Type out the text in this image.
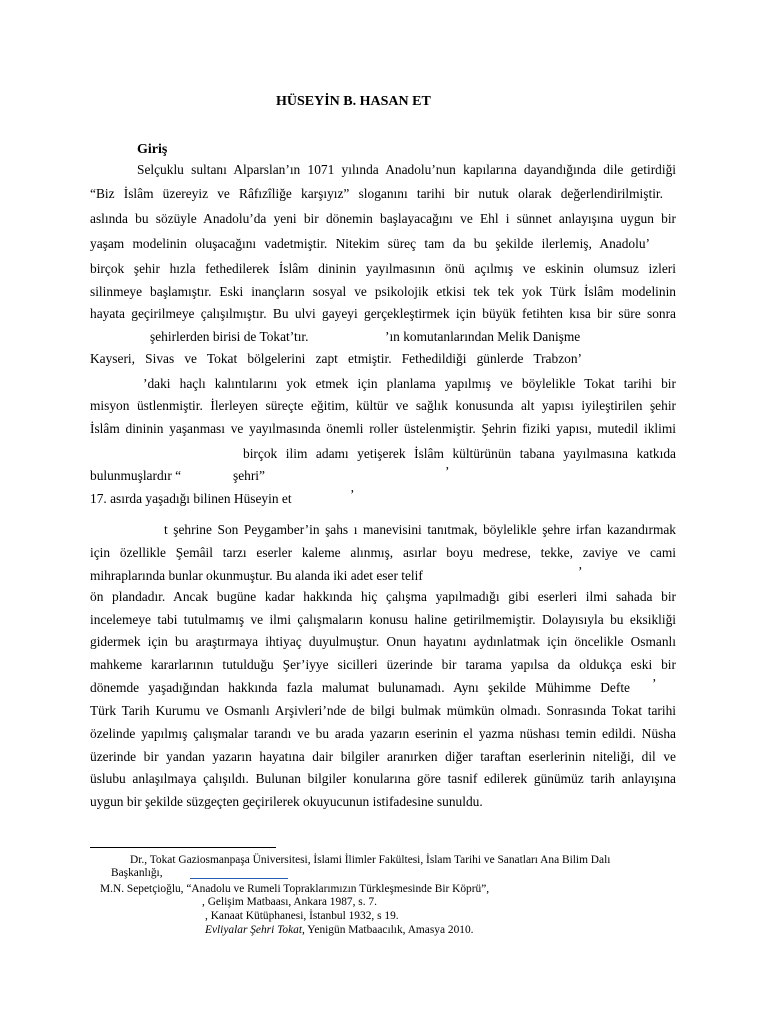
HÜSEYİN B. HASAN ET
Giriş
Selçuklu sultanı Alparslan’ın 1071 yılında Anadolu’nun kapılarına dayandığında dile getirdiği
“Biz İslâm üzereyiz ve Râfızîliğe karşıyız” sloganını tarihi bir nutuk olarak değerlendirilmiştir.
aslında bu sözüyle Anadolu’da yeni bir dönemin başlayacağını ve Ehl i sünnet anlayışına uygun bir
yaşam modelinin oluşacağını vadetmiştir. Nitekim süreç tam da bu şekilde ilerlemiş, Anadolu’
birçok şehir hızla fethedilerek İslâm dininin yayılmasının önü açılmış ve eskinin olumsuz izleri
silinmeye başlamıştır. Eski inançların sosyal ve psikolojik etkisi tek tek yok Türk İslâm modelinin
hayata geçirilmeye çalışılmıştır. Bu ulvi gayeyi gerçekleştirmek için büyük fetihten kısa bir süre sonra
şehirlerden birisi de Tokat’tır.	’ın komutanlarından Melik Danişme
Kayseri, Sivas ve Tokat bölgelerini zapt etmiştir. Fethedildiği günlerde Trabzon’
’daki haçlı kalıntılarını yok etmek için planlama yapılmış ve böylelikle Tokat tarihi bir
misyon üstlenmiştir. İlerleyen süreçte eğitim, kültür ve sağlık konusunda alt yapısı iyileştirilen şehir
İslâm dininin yaşanması ve yayılmasında önemli roller üstelenmiştir. Şehrin fiziki yapısı, mutedil iklimi
birçok ilim adamı yetişerek İslâm kültürünün tabana yayılmasına katkıda
bulunmuşlardır “	şehri”	’
17. asırda yaşadığı bilinen Hüseyin et	’
t şehrine Son Peygamber’in şahs ı manevisini tanıtmak, böylelikle şehre irfan kazandırmak
için özellikle Şemâil tarzı eserler kaleme alınmış, asırlar boyu medrese, tekke, zaviye ve cami
mihraplarında bunlar okunmuştur. Bu alanda iki adet eser telif	’
ön plandadır. Ancak bugüne kadar hakkında hiç çalışma yapılmadığı gibi eserleri ilmi sahada bir
incelemeye tabi tutulmamış ve ilmi çalışmaların konusu haline getirilmemiştir. Dolayısıyla bu eksikliği
gidermek için bu araştırmaya ihtiyaç duyulmuştur. Onun hayatını aydınlatmak için öncelikle Osmanlı
mahkeme kararlarının tutulduğu Şer’iyye sicilleri üzerinde bir tarama yapılsa da oldukça eski bir
dönemde yaşadığından hakkında fazla malumat bulunamadı. Aynı şekilde Mühimme Defte ’
Türk Tarih Kurumu ve Osmanlı Arşivleri’nde de bilgi bulmak mümkün olmadı. Sonrasında Tokat tarihi
özelinde yapılmış çalışmalar tarandı ve bu arada yazarın eserinin el yazma nüshası temin edildi. Nüsha
üzerinde bir yandan yazarın hayatına dair bilgiler aranırken diğer taraftan eserlerinin niteliği, dil ve
üslubu anlaşılmaya çalışıldı. Bulunan bilgiler konularına göre tasnif edilerek günümüz tarih anlayışına
uygun bir şekilde süzgeçten geçirilerek okuyucunun istifadesine sunuldu.
Dr., Tokat Gaziosmanpaşa Üniversitesi, İslami İlimler Fakültesi, İslam Tarihi ve Sanatları Ana Bilim Dalı
Başkanlığı,
M.N. Sepetçioğlu, “Anadolu ve Rumeli Topraklarımızın Türkleşmesinde Bir Köprü”,
, Gelişim Matbaası, Ankara 1987, s. 7.
, Kanaat Kütüphanesi, İstanbul 1932, s 19.
Evliyalar Şehri Tokat, Yenigün Matbaacılık, Amasya 2010.
